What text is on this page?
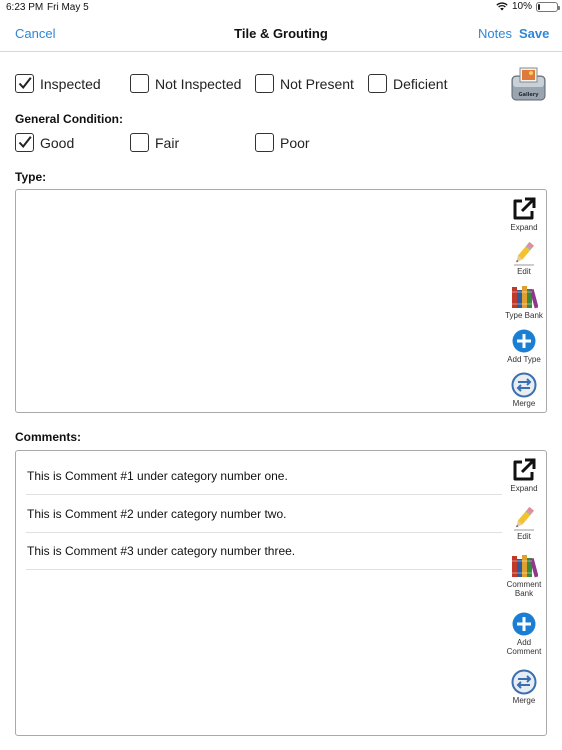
6:23 PM Fri May 5	10%
Cancel	Tile & Grouting	Notes Save
Inspected	Not Inspected	Not Present	Deficient
Gallery
General Condition:
Good	Fair	Poor
Type:
Expand
Edit
Type Bank
Add Type
Merge
Comments:
This is Comment #1 under category number one.
This is Comment #2 under category number two.
This is Comment #3 under category number three.
Expand
Edit
Comment
Bank
Add
Comment
Merge
